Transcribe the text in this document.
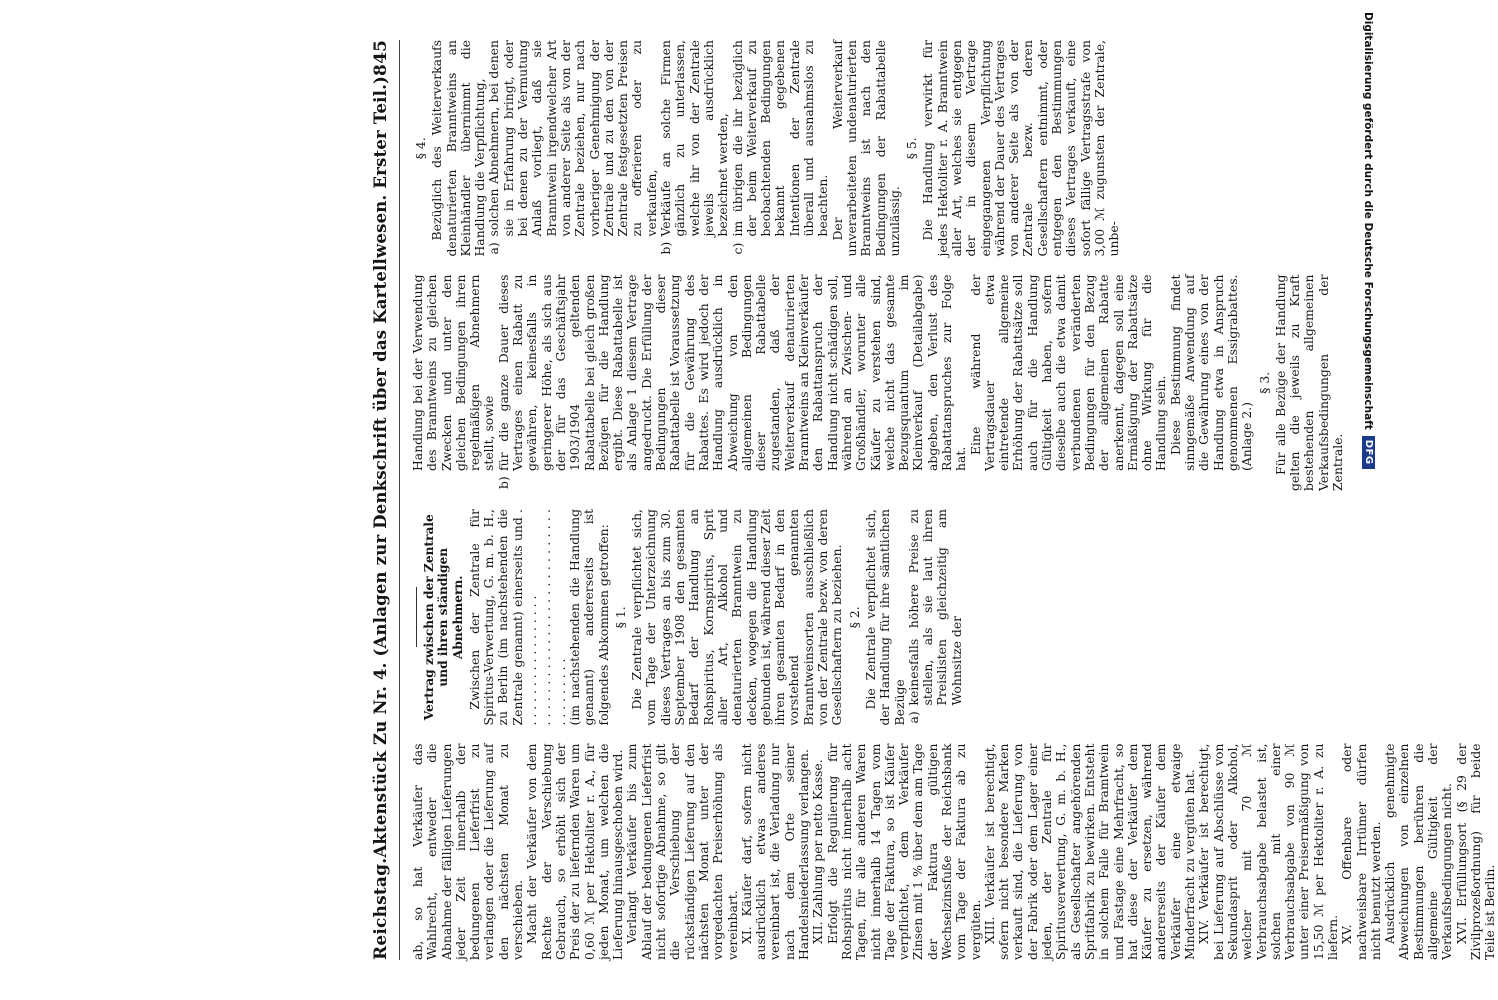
Reichstag.
Aktenstück Zu Nr. 4. (Anlagen zur Denkschrift über das Kartellwesen. Erster Teil.)
845

ab, so hat Verkäufer das Wahlrecht, entweder die Abnahme der fälligen Lieferungen jeder Zeit innerhalb der bedungenen Lieferfrist zu verlangen oder die Lieferung auf den nächsten Monat zu verschieben. Macht der Verkäufer von dem Rechte der Verschiebung Gebrauch, so erhöht sich der Preis der zu liefernden Waren um 0,60 ℳ per Hektoliter r. A., für jeden Monat, um welchen die Lieferung hinausgeschoben wird. Verlangt Verkäufer bis zum Ablauf der bedungenen Lieferfrist nicht sofortige Abnahme, so gilt die Verschiebung der rückständigen Lieferung auf den nächsten Monat unter der vorgedachten Preiserhöhung als vereinbart. XI. Käufer darf, sofern nicht ausdrücklich etwas anderes vereinbart ist, die Verladung nur nach dem Orte seiner Handelsniederlassung verlangen. XII. Zahlung per netto Kasse. Erfolgt die Regulierung für Rohspiritus nicht innerhalb acht Tagen, für alle anderen Waren nicht innerhalb 14 Tagen vom Tage der Faktura, so ist Käufer verpflichtet, dem Verkäufer Zinsen mit 1 % über dem am Tage der Faktura gültigen Wechselzinsfuße der Reichsbank vom Tage der Faktura ab zu vergüten. XIII. Verkäufer ist berechtigt, sofern nicht besondere Marken verkauft sind, die Lieferung von der Fabrik oder dem Lager einer jeden, der Zentrale für Spiritusverwertung, G. m. b. H., als Gesellschafter angehörenden Spritfabrik zu bewirken. Entsteht in solchem Falle für Bramtwein und Fastage eine Mehrfracht, so hat diese der Verkäufer dem Käufer zu ersetzen, während andererseits der Käufer dem Verkäufer eine etwaige Minderfracht zu vergüten hat. XIV. Verkäufer ist berechtigt, bei Lieferung auf Abschlüsse von Sekundasprit oder Alkohol, welcher mit 70 ℳ Verbrauchsabgabe belastet ist, solchen mit einer Verbrauchsabgabe von 90 ℳ unter einer Preisermäßigung von 15,50 ℳ per Hektoliter r. A. zu liefern. XV. Offenbare oder nachweisbare Irrtümer dürfen nicht benutzt werden. Ausdrücklich genehmigte Abweichungen von einzelnen Bestimmungen berühren die allgemeine Gültigkeit der Verkaufsbedingungen nicht. XVI. Erfüllungsort (§ 29 der Zivilprozeßordnung) für beide Teile ist Berlin.

Vertrag zwischen der Zentrale und ihren ständigen Abnehmern. Zwischen der Zentrale für Spiritus-Verwertung, G. m. b. H., zu Berlin (im nachstehenden die Zentrale genannt) einerseits und . . . . . . . . . . . . . . . . . . . . . . . . . . . . . . . . . . . . . . . . . . . . . . . . . . . . . . (im nachstehenden die Handlung genannt) andererseits ist folgendes Abkommen getroffen: § 1. Die Zentrale verpflichtet sich, vom Tage der Unterzeichnung dieses Vertrages an bis zum 30. September 1908 den gesamten Bedarf der Handlung an Rohspiritus, Kornspiritus, Sprit aller Art, Alkohol und denaturierten Branntwein zu decken, wogegen die Handlung gebunden ist, während dieser Zeit ihren gesamten Bedarf in den vorstehend genannten Branntweinsorten ausschließlich von der Zentrale bezw. von deren Gesellschaftern zu beziehen. § 2. Die Zentrale verpflichtet sich, der Handlung für ihre sämtlichen Bezüge a)
keinesfalls höhere Preise zu stellen, als sie laut ihren Preislisten gleichzeitig am Wohnsitze der

Handlung bei der Verwendung des Branntweins zu gleichen Zwecken und unter den gleichen Bedingungen ihren regelmäßigen Abnehmern stellt, sowie

b)
für die ganze Dauer dieses Vertrages einen Rabatt zu gewähren, keinesfalls in geringerer Höhe, als sich aus der für das Geschäftsjahr 1903/1904 geltenden Rabattabelle bei gleich großen Bezügen für die Handlung ergibt. Diese Rabattabelle ist als Anlage 1 diesem Vertrage angedruckt. Die Erfüllung der Bedingungen dieser Rabattabelle ist Voraussetzung für die Gewährung des Rabattes. Es wird jedoch der Handlung ausdrücklich in Abweichung von den allgemeinen Bedingungen dieser Rabattabelle zugestanden, daß der Weiterverkauf denaturierten Branntweins an Kleinverkäufer den Rabattanspruch der Handlung nicht schädigen soll, während an Zwischen- und Großhändler, worunter alle Käufer zu verstehen sind, welche nicht das gesamte Bezugsquantum im Kleinverkauf (Detailabgabe) abgeben, den Verlust des Rabattanspruches zur Folge hat.

Eine während der Vertragsdauer etwa eintretende allgemeine Erhöhung der Rabattsätze soll auch für die Handlung Gültigkeit haben, sofern dieselbe auch die etwa damit verbundenen veränderten Bedingungen für den Bezug der allgemeinen Rabatte anerkennt, dagegen soll eine Ermäßigung der Rabattsätze ohne Wirkung für die Handlung sein. Diese Bestimmung findet sinngemäße Anwendung auf die Gewährung eines von der Handlung etwa in Anspruch genommenen Essigrabattes. (Anlage 2.)

§ 3. Für alle Bezüge der Handlung gelten die jeweils zu Kraft bestehenden allgemeinen Verkaufsbedingungen der Zentrale.

§ 4. Bezüglich des Weiterverkaufs denaturierten Branntweins an Kleinhändler übernimmt die Handlung die Verpflichtung, a)
solchen Abnehmern, bei denen sie in Erfahrung bringt, oder bei denen zu der Vermutung Anlaß vorliegt, daß sie Branntwein irgendwelcher Art von anderer Seite als von der Zentrale beziehen, nur nach vorheriger Genehmigung der Zentrale und zu den von der Zentrale festgesetzten Preisen zu offerieren oder zu verkaufen,
b)
Verkäufe an solche Firmen gänzlich zu unterlassen, welche ihr von der Zentrale jeweils ausdrücklich bezeichnet werden,
c)
im übrigen die ihr bezüglich der beim Weiterverkauf zu beobachtenden Bedingungen bekannt gegebenen Intentionen der Zentrale überall und ausnahmslos zu beachten. Der Weiterverkauf unverarbeiteten undenaturierten Branntweins ist nach den Bedingungen der Rabattabelle unzulässig.

§ 5. Die Handlung verwirkt für jedes Hektoliter r. A. Branntwein aller Art, welches sie entgegen der in diesem Vertrage eingegangenen Verpflichtung während der Dauer des Vertrages von anderer Seite als von der Zentrale bezw. deren Gesellschaftern entnimmt, oder entgegen den Bestimmungen dieses Vertrages verkauft, eine sofort fällige Vertragsstrafe von 3,00 ℳ zugunsten der Zentrale, unbe-	Digitalisierung gefördert durch die Deutsche Forschungsgemeinschaft
DFG
